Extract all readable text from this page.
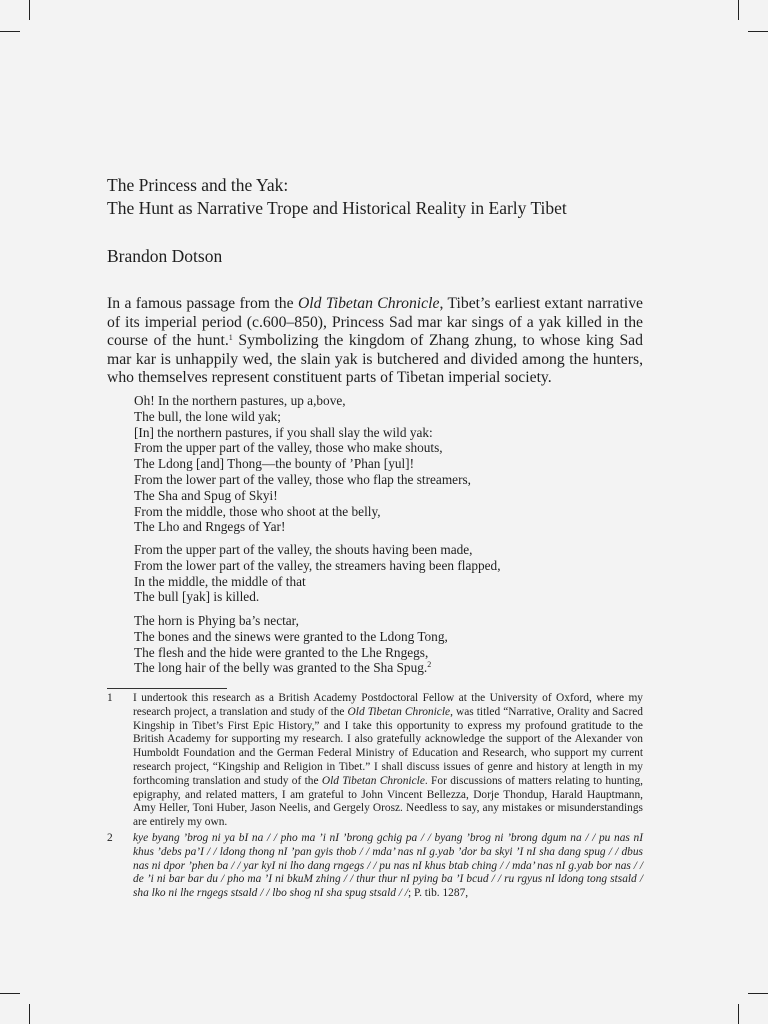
The Princess and the Yak:
The Hunt as Narrative Trope and Historical Reality in Early Tibet
Brandon Dotson

In a famous passage from the Old Tibetan Chronicle, Tibet’s earliest extant narrative of its imperial period (c.600–850), Princess Sad mar kar sings of a yak killed in the course of the hunt.$^1$ Symbolizing the kingdom of Zhang zhung, to whose king Sad mar kar is unhappily wed, the slain yak is butchered and divided among the hunters, who themselves represent constituent parts of Tibetan imperial society.

Oh! In the northern pastures, up a,bove,
The bull, the lone wild yak;
[In] the northern pastures, if you shall slay the wild yak:
From the upper part of the valley, those who make shouts,
The Ldong [and] Thong—the bounty of ’Phan [yul]!
From the lower part of the valley, those who flap the streamers,
The Sha and Spug of Skyi!
From the middle, those who shoot at the belly,
The Lho and Rngegs of Yar!
From the upper part of the valley, the shouts having been made,
From the lower part of the valley, the streamers having been flapped,
In the middle, the middle of that
The bull [yak] is killed.
The horn is Phying ba’s nectar,
The bones and the sinews were granted to the Ldong Tong,
The flesh and the hide were granted to the Lhe Rngegs,
The long hair of the belly was granted to the Sha Spug.$^2$
1 I undertook this research as a British Academy Postdoctoral Fellow at the University of Oxford, where my research project, a translation and study of the Old Tibetan Chronicle, was titled “Narrative, Orality and Sacred Kingship in Tibet’s First Epic History,” and I take this opportunity to express my profound gratitude to the British Academy for supporting my research. I also gratefully acknowledge the support of the Alexander von Humboldt Foundation and the German Federal Ministry of Education and Research, who support my current research project, “Kingship and Religion in Tibet.” I shall discuss issues of genre and history at length in my forthcoming translation and study of the Old Tibetan Chronicle. For discussions of matters relating to hunting, epigraphy, and related matters, I am grateful to John Vincent Bellezza, Dorje Thondup, Harald Hauptmann, Amy Heller, Toni Huber, Jason Neelis, and Gergely Orosz. Needless to say, any mistakes or misunderstandings are entirely my own.
2 kye byang ’brog ni ya bI na / / pho ma ’i nI ’brong gchig pa / / byang ’brog ni ’brong dgum na / / pu nas nI khus ’debs pa’I / / ldong thong nI ’pan gyis thob / / mda’ nas nI g.yab ’dor ba skyi ’I nI sha dang spug / / dbus nas ni dpor ’phen ba / / yar kyI ni lho dang rngegs / / pu nas nI khus btab ching / / mda’ nas nI g.yab bor nas / / de ’i ni bar bar du / pho ma ’I ni bkuM zhing / / thur thur nI pying ba ’I bcud / / ru rgyus nI ldong tong stsald / sha lko ni lhe rngegs stsald / / lbo shog nI sha spug stsald / /; P. tib. 1287,
